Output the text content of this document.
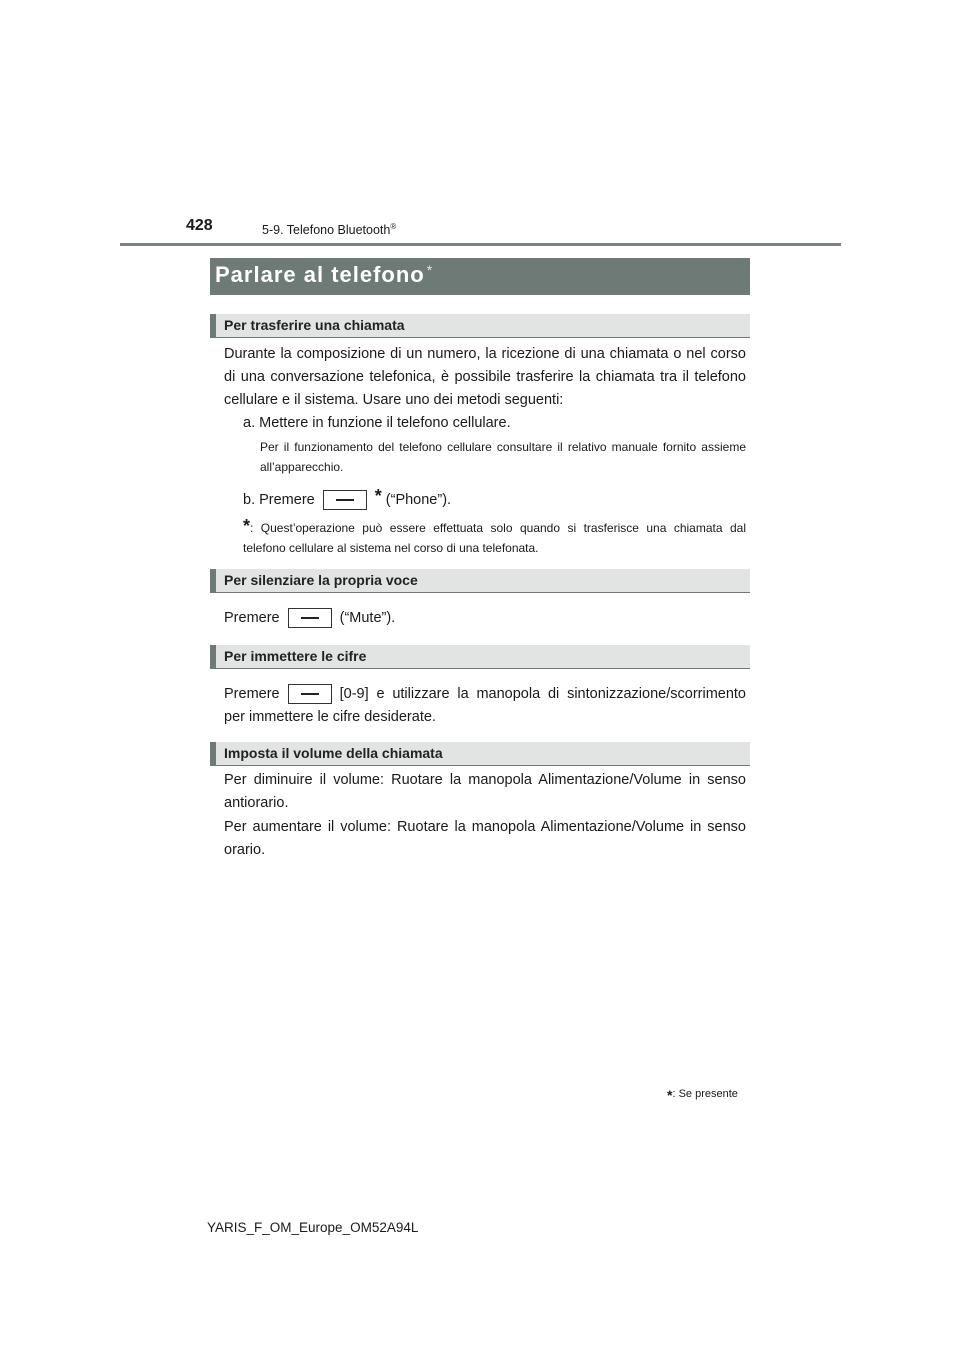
428	5-9. Telefono Bluetooth®
Parlare al telefono *
Per trasferire una chiamata
Durante la composizione di un numero, la ricezione di una chiamata o nel corso di una conversazione telefonica, è possibile trasferire la chiamata tra il telefono cellulare e il sistema. Usare uno dei metodi seguenti:
a. Mettere in funzione il telefono cellulare.
Per il funzionamento del telefono cellulare consultare il relativo manuale fornito assieme all’apparecchio.
b. Premere	* (“Phone”).
*: Quest’operazione può essere effettuata solo quando si trasferisce una chiamata dal telefono cellulare al sistema nel corso di una telefonata.
Per silenziare la propria voce
Premere	(“Mute”).
Per immettere le cifre
Premere	[0-9] e utilizzare la manopola di sintonizzazione/scorrimento per immettere le cifre desiderate.
Imposta il volume della chiamata
Per diminuire il volume: Ruotare la manopola Alimentazione/Volume in senso antiorario.
Per aumentare il volume: Ruotare la manopola Alimentazione/Volume in senso orario.
*: Se presente
YARIS_F_OM_Europe_OM52A94L
